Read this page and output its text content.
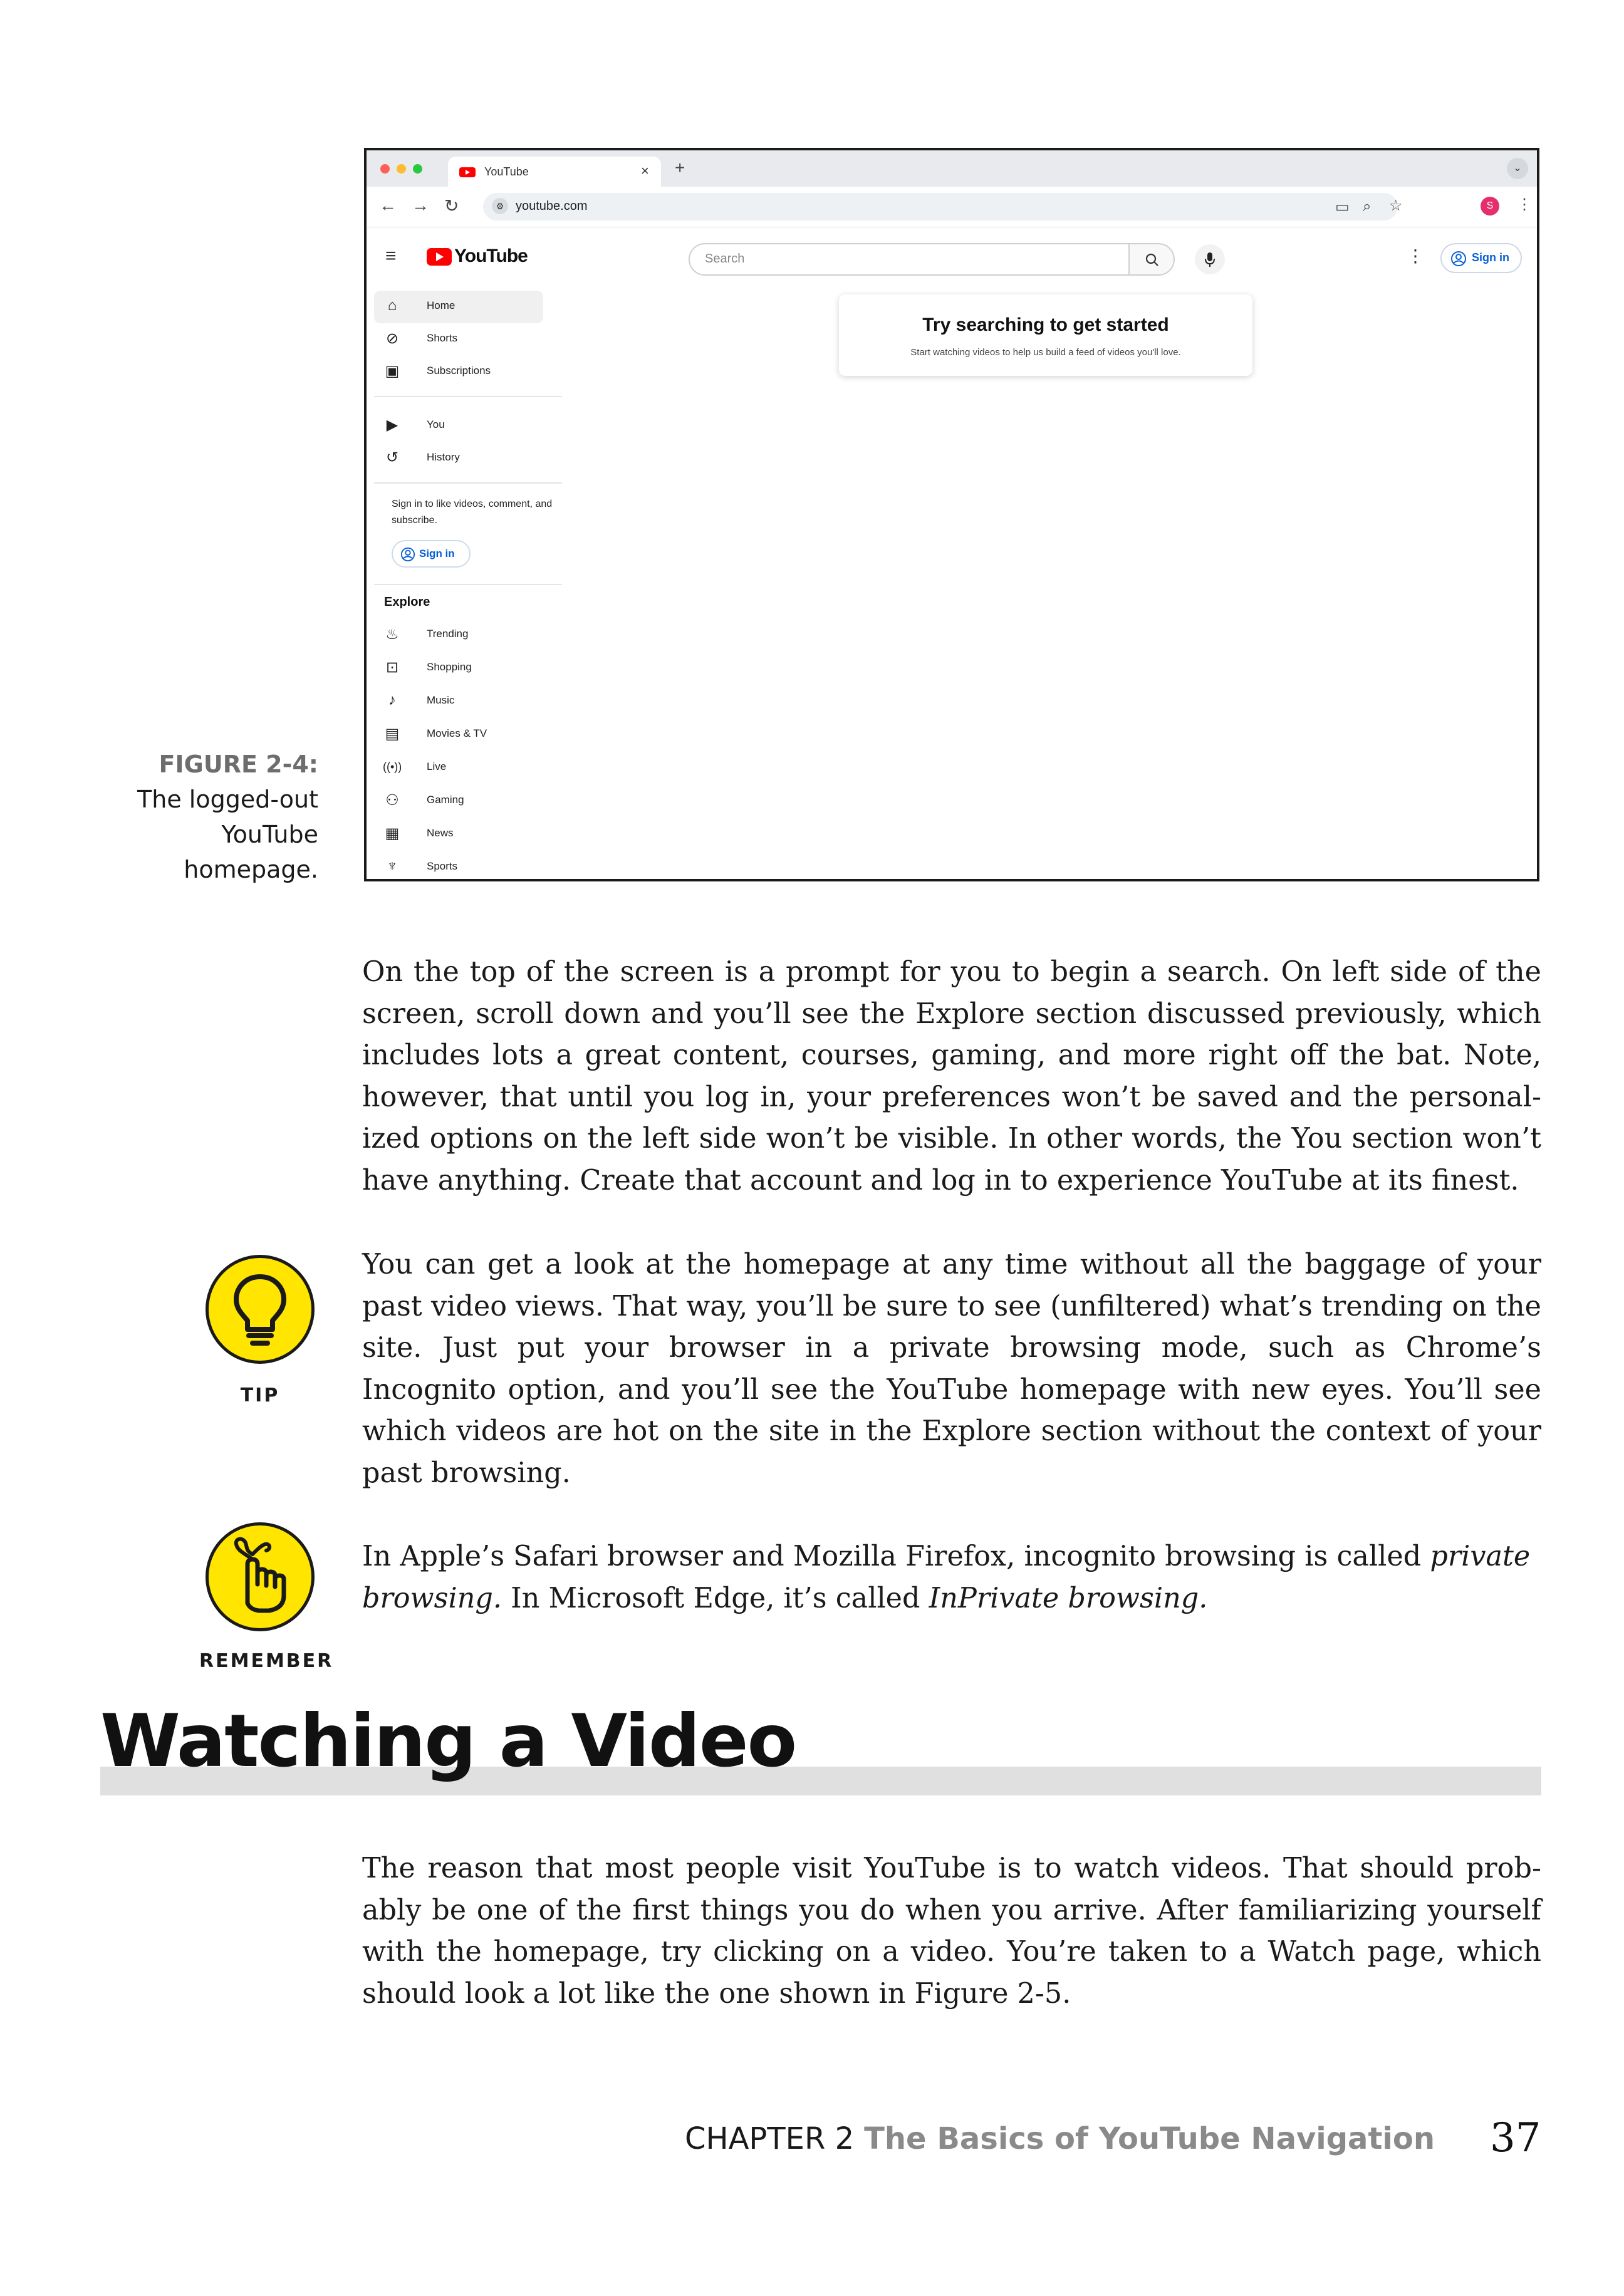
YouTube	× +	⌄
← → ↻	⚙ youtube.com	▭ ⌕ ☆	S	⋮
≡	YouTube	Search	⋮	Sign in
⌂	Home
⊘	Shorts
▣	Subscriptions
▶	You
↺	History
Sign in to like videos, comment, and subscribe.
Sign in
Explore
♨	Trending
⊡	Shopping
♪	Music
▤	Movies & TV
((•)) Live
⚇	Gaming
▦	News
♆	Sports
Try searching to get started
Start watching videos to help us build a feed of videos you'll love.
FIGURE 2-4:
The logged-out YouTube homepage.
On the top of the screen is a prompt for you to begin a search. On left side of the screen, scroll down and you’ll see the Explore section discussed previously, which includes lots a great content, courses, gaming, and more right off the bat. Note, however, that until you log in, your preferences won’t be saved and the personalized options on the left side won’t be visible. In other words, the You section won’t have anything. Create that account and log in to experience YouTube at its finest.
TIP
You can get a look at the homepage at any time without all the baggage of your past video views. That way, you’ll be sure to see (unfiltered) what’s trending on the site. Just put your browser in a private browsing mode, such as Chrome’s Incognito option, and you’ll see the YouTube homepage with new eyes. You’ll see which videos are hot on the site in the Explore section without the context of your past browsing.
REMEMBER
In Apple’s Safari browser and Mozilla Firefox, incognito browsing is called private browsing. In Microsoft Edge, it’s called InPrivate browsing.
Watching a Video
The reason that most people visit YouTube is to watch videos. That should probably be one of the first things you do when you arrive. After familiarizing yourself with the homepage, try clicking on a video. You’re taken to a Watch page, which should look a lot like the one shown in Figure 2-5.
CHAPTER 2 The Basics of YouTube Navigation 37
